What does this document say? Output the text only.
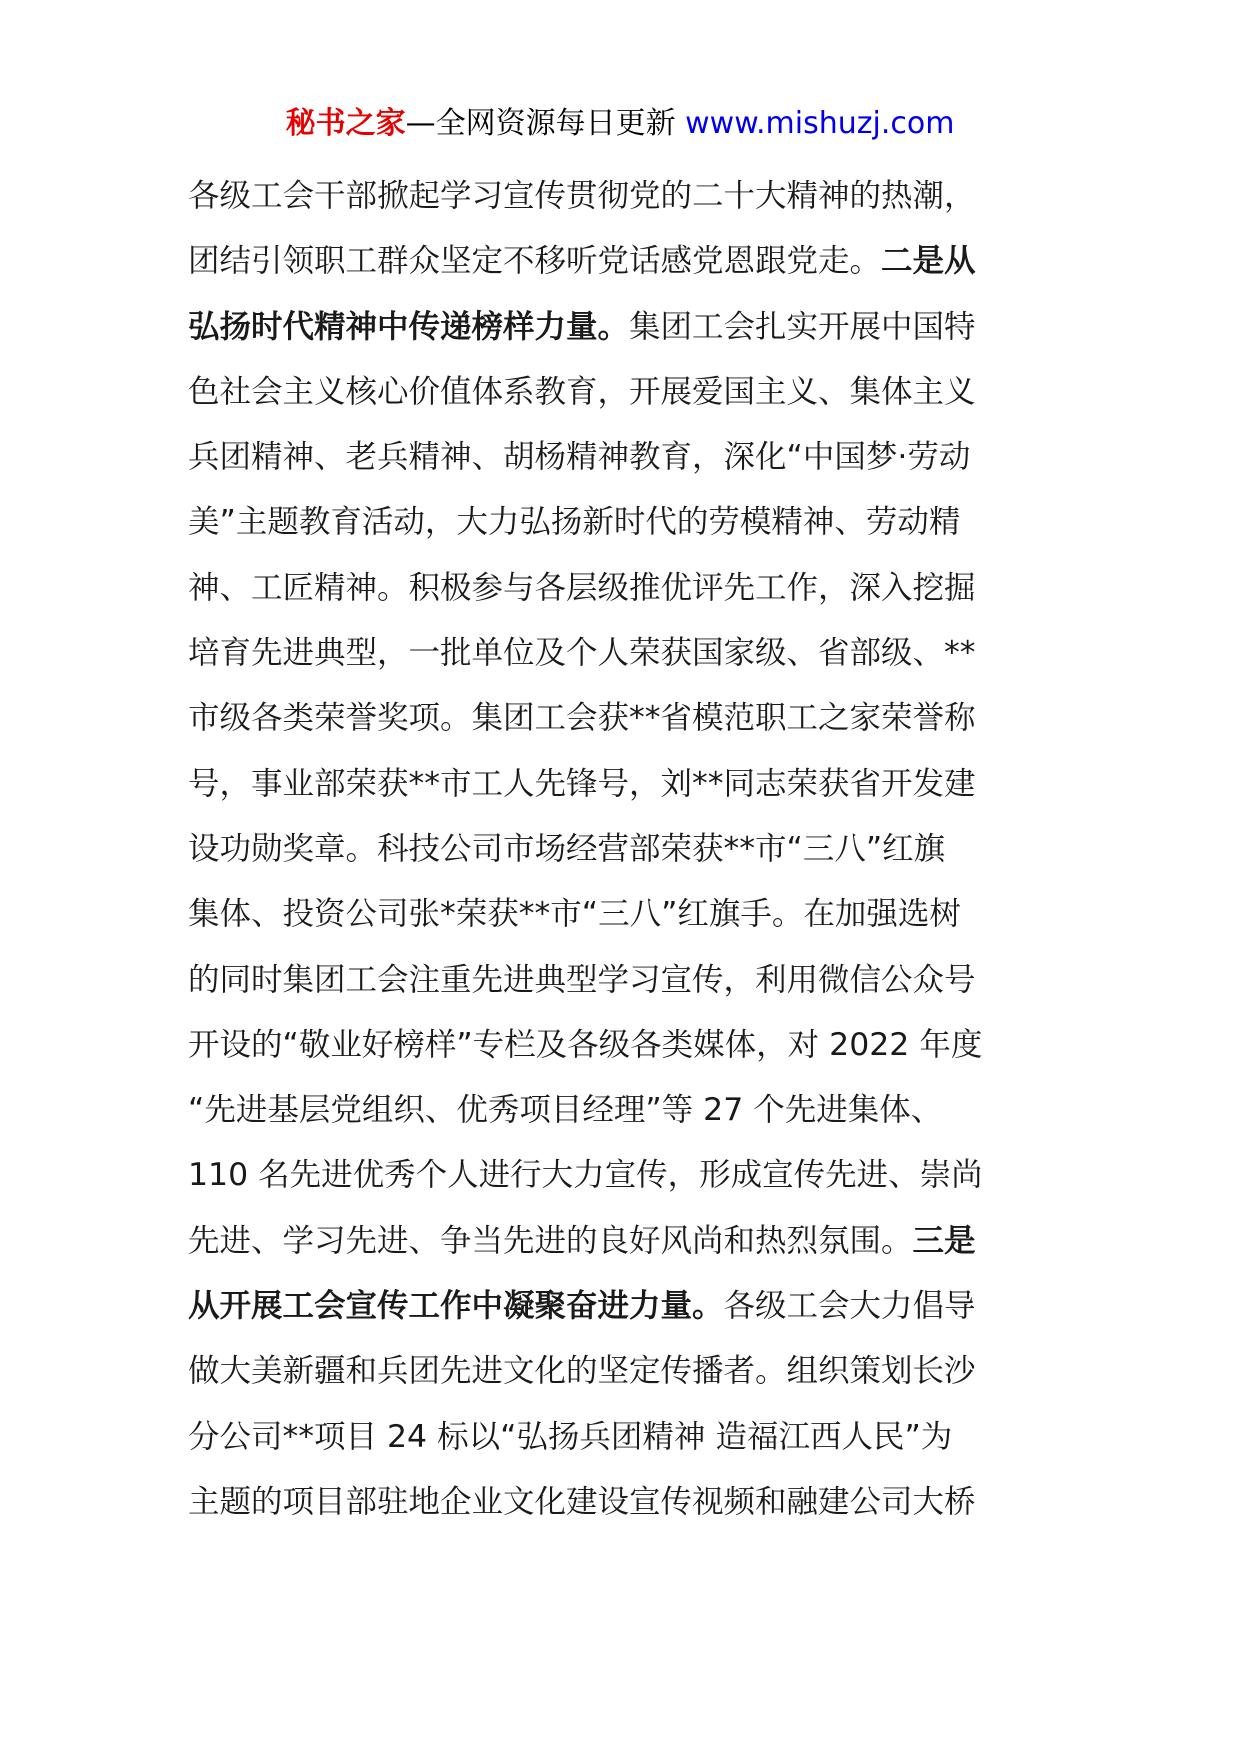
秘书之家—全网资源每日更新 www.mishuzj.com
各级工会干部掀起学习宣传贯彻党的二十大精神的热潮，
团结引领职工群众坚定不移听党话感党恩跟党走。二是从
弘扬时代精神中传递榜样力量。集团工会扎实开展中国特
色社会主义核心价值体系教育，开展爱国主义、集体主义
兵团精神、老兵精神、胡杨精神教育，深化“中国梦·劳动
美”主题教育活动，大力弘扬新时代的劳模精神、劳动精
神、工匠精神。积极参与各层级推优评先工作，深入挖掘
培育先进典型，一批单位及个人荣获国家级、省部级、**
市级各类荣誉奖项。集团工会获**省模范职工之家荣誉称
号，事业部荣获**市工人先锋号，刘**同志荣获省开发建
设功勋奖章。科技公司市场经营部荣获**市“三八”红旗
集体、投资公司张*荣获**市“三八”红旗手。在加强选树
的同时集团工会注重先进典型学习宣传，利用微信公众号
开设的“敬业好榜样”专栏及各级各类媒体，对 2022 年度
“先进基层党组织、优秀项目经理”等 27 个先进集体、
110 名先进优秀个人进行大力宣传，形成宣传先进、崇尚
先进、学习先进、争当先进的良好风尚和热烈氛围。三是
从开展工会宣传工作中凝聚奋进力量。各级工会大力倡导
做大美新疆和兵团先进文化的坚定传播者。组织策划长沙
分公司**项目 24 标以“弘扬兵团精神 造福江西人民”为
主题的项目部驻地企业文化建设宣传视频和融建公司大桥
